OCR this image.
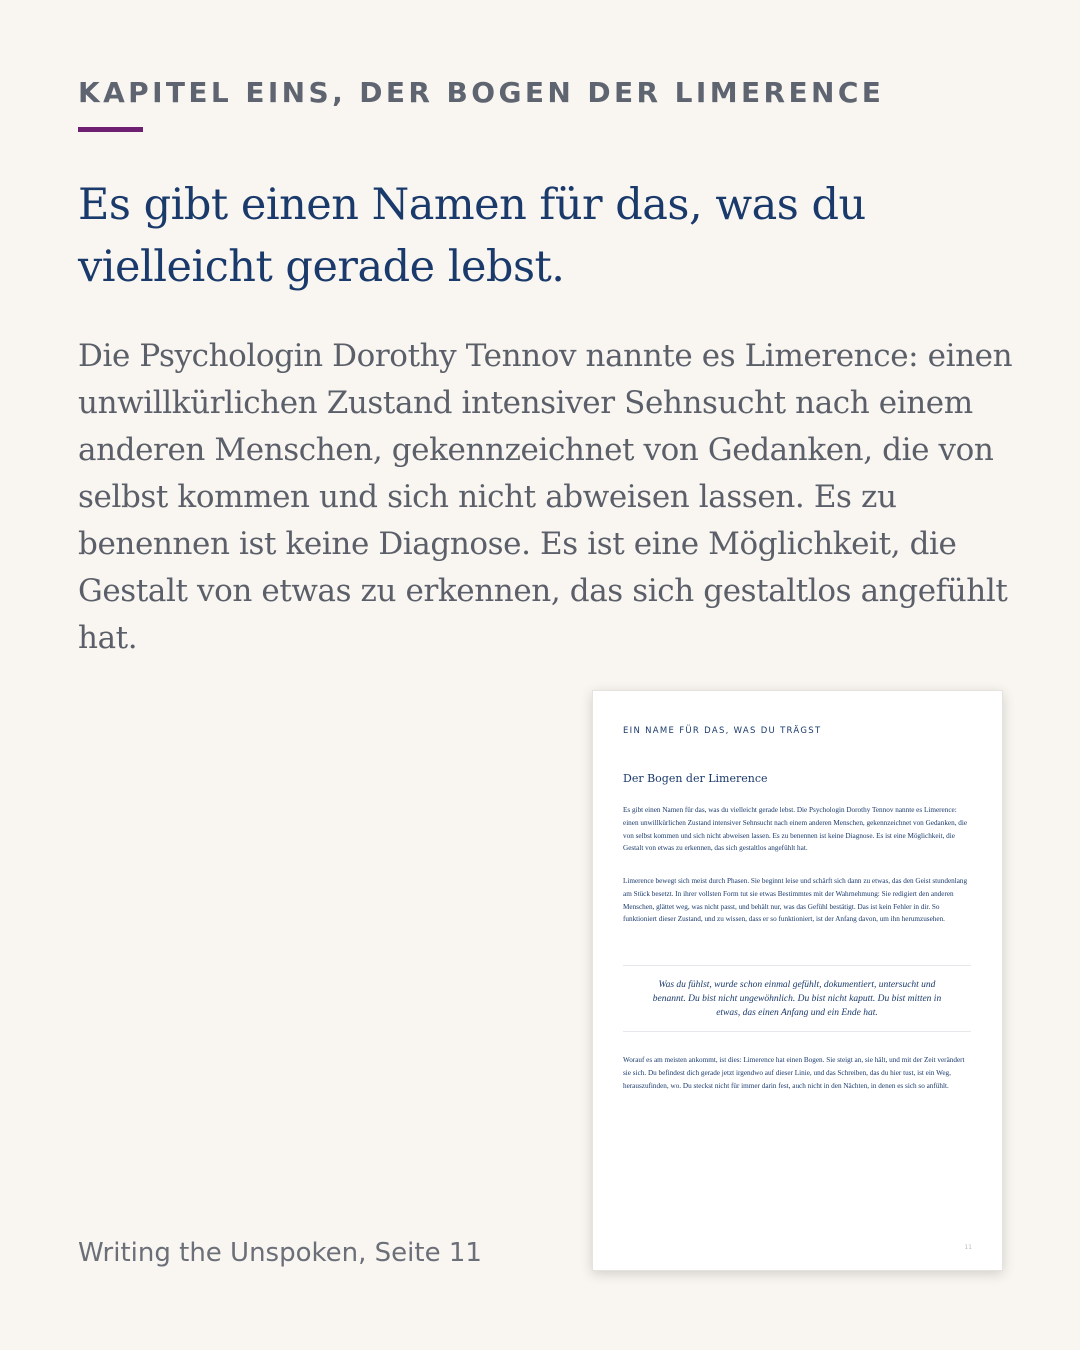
KAPITEL EINS, DER BOGEN DER LIMERENCE
Es gibt einen Namen für das, was du vielleicht gerade lebst.

Die Psychologin Dorothy Tennov nannte es Limerence: einen unwillkürlichen Zustand intensiver Sehnsucht nach einem anderen Menschen, gekennzeichnet von Gedanken, die von selbst kommen und sich nicht abweisen lassen. Es zu benennen ist keine Diagnose. Es ist eine Möglichkeit, die Gestalt von etwas zu erkennen, das sich gestaltlos angefühlt hat.

Writing the Unspoken, Seite 11
EIN NAME FÜR DAS, WAS DU TRÄGST
Der Bogen der Limerence

Es gibt einen Namen für das, was du vielleicht gerade lebst. Die Psychologin Dorothy Tennov nannte es Limerence: einen unwillkürlichen Zustand intensiver Sehnsucht nach einem anderen Menschen, gekennzeichnet von Gedanken, die von selbst kommen und sich nicht abweisen lassen. Es zu benennen ist keine Diagnose. Es ist eine Möglichkeit, die Gestalt von etwas zu erkennen, das sich gestaltlos angefühlt hat.

Limerence bewegt sich meist durch Phasen. Sie beginnt leise und schärft sich dann zu etwas, das den Geist stundenlang am Stück besetzt. In ihrer vollsten Form tut sie etwas Bestimmtes mit der Wahrnehmung: Sie redigiert den anderen Menschen, glättet weg, was nicht passt, und behält nur, was das Gefühl bestätigt. Das ist kein Fehler in dir. So funktioniert dieser Zustand, und zu wissen, dass er so funktioniert, ist der Anfang davon, um ihn herumzusehen.

Was du fühlst, wurde schon einmal gefühlt, dokumentiert, untersucht und benannt. Du bist nicht ungewöhnlich. Du bist nicht kaputt. Du bist mitten in etwas, das einen Anfang und ein Ende hat.

Worauf es am meisten ankommt, ist dies: Limerence hat einen Bogen. Sie steigt an, sie hält, und mit der Zeit verändert sie sich. Du befindest dich gerade jetzt irgendwo auf dieser Linie, und das Schreiben, das du hier tust, ist ein Weg, herauszufinden, wo. Du steckst nicht für immer darin fest, auch nicht in den Nächten, in denen es sich so anfühlt.

11
